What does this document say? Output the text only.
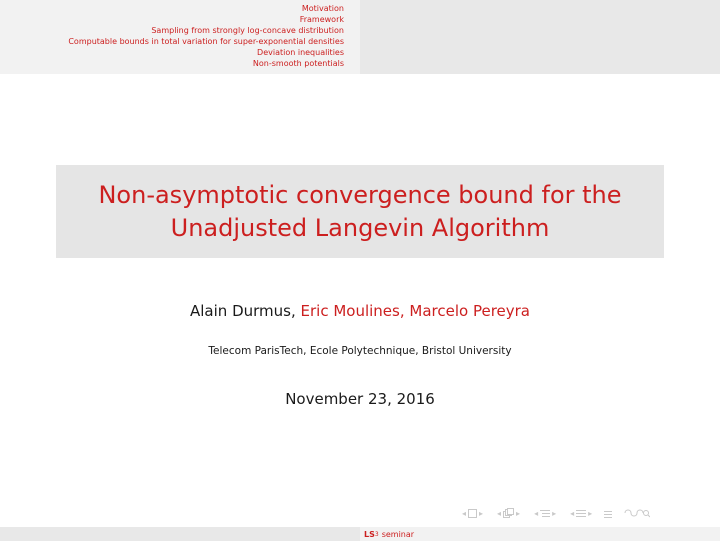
Motivation
Framework
Sampling from strongly log-concave distribution
Computable bounds in total variation for super-exponential densities
Deviation inequalities
Non-smooth potentials
Non-asymptotic convergence bound for the
Unadjusted Langevin Algorithm
Alain Durmus, Eric Moulines, Marcelo Pereyra
Telecom ParisTech, Ecole Polytechnique, Bristol University
November 23, 2016
◂ ▸ ◂ ▸ ◂ ▸ ◂ ▸
LS 3 seminar
